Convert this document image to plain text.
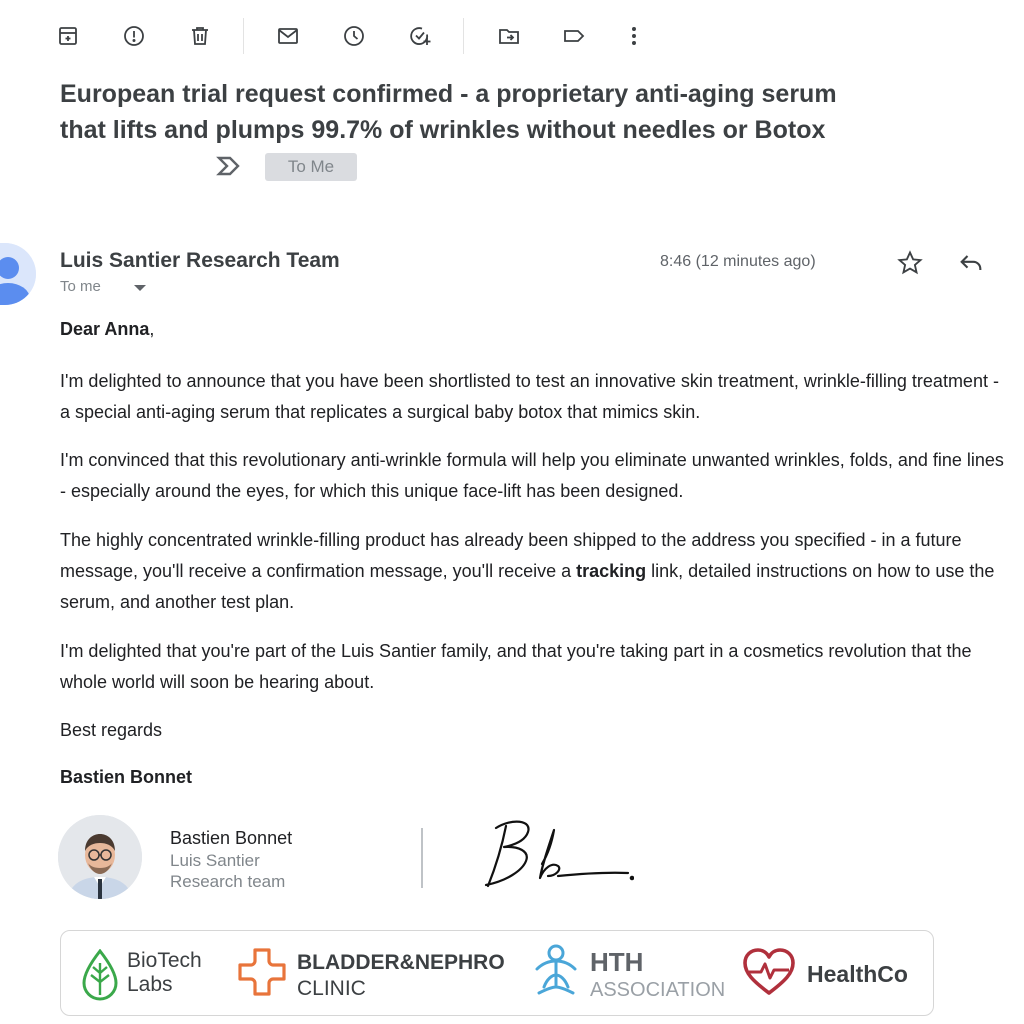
European trial request confirmed - a proprietary anti-aging serum that lifts and plumps 99.7% of wrinkles without needles or Botox
To Me
Luis Santier Research Team
To me
8:46 (12 minutes ago)
Dear Anna,
I'm delighted to announce that you have been shortlisted to test an innovative skin treatment, wrinkle-filling treatment - a special anti-aging serum that replicates a surgical baby botox that mimics skin.
I'm convinced that this revolutionary anti-wrinkle formula will help you eliminate unwanted wrinkles, folds, and fine lines - especially around the eyes, for which this unique face-lift has been designed.
The highly concentrated wrinkle-filling product has already been shipped to the address you specified - in a future message, you'll receive a confirmation message, you'll receive a tracking link, detailed instructions on how to use the serum, and another test plan.
I'm delighted that you're part of the Luis Santier family, and that you're taking part in a cosmetics revolution that the whole world will soon be hearing about.
Best regards
Bastien Bonnet
Bastien Bonnet
Luis Santier
Research team
BioTech
Labs
BLADDER&NEPHRO
CLINIC
HTH
ASSOCIATION
HealthCo
